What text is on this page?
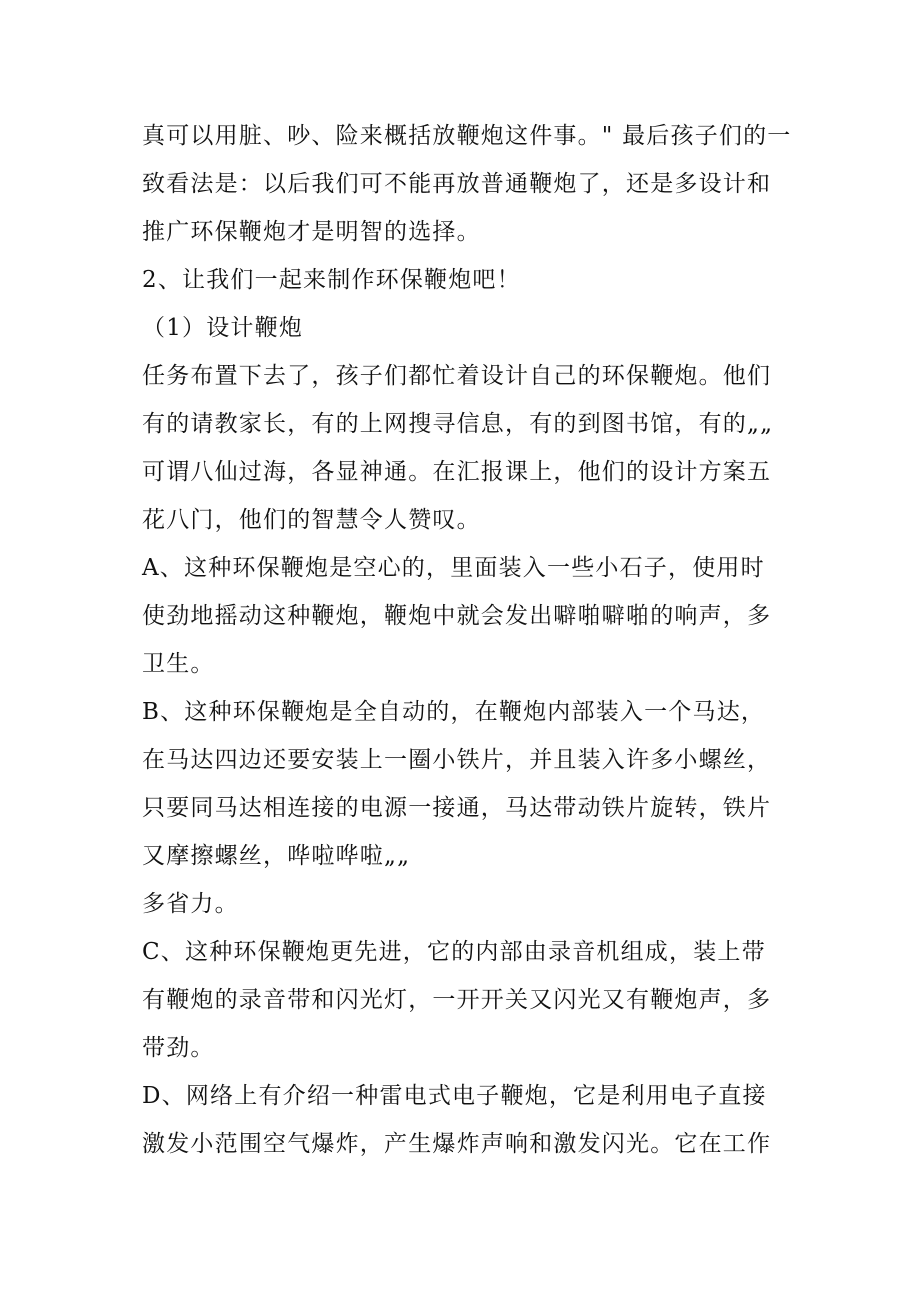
真可以用脏、吵、险来概括放鞭炮这件事。" 最后孩子们的一
致看法是：以后我们可不能再放普通鞭炮了，还是多设计和
推广环保鞭炮才是明智的选择。
2、让我们一起来制作环保鞭炮吧！
（1）设计鞭炮
任务布置下去了，孩子们都忙着设计自己的环保鞭炮。他们
有的请教家长，有的上网搜寻信息，有的到图书馆，有的„„
可谓八仙过海，各显神通。在汇报课上，他们的设计方案五
花八门，他们的智慧令人赞叹。
A、这种环保鞭炮是空心的，里面装入一些小石子，使用时
使劲地摇动这种鞭炮，鞭炮中就会发出噼啪噼啪的响声，多
卫生。
B、这种环保鞭炮是全自动的，在鞭炮内部装入一个马达，
在马达四边还要安装上一圈小铁片，并且装入许多小螺丝，
只要同马达相连接的电源一接通，马达带动铁片旋转，铁片
又摩擦螺丝，哗啦哗啦„„
多省力。
C、这种环保鞭炮更先进，它的内部由录音机组成，装上带
有鞭炮的录音带和闪光灯，一开开关又闪光又有鞭炮声，多
带劲。
D、网络上有介绍一种雷电式电子鞭炮，它是利用电子直接
激发小范围空气爆炸，产生爆炸声响和激发闪光。它在工作
